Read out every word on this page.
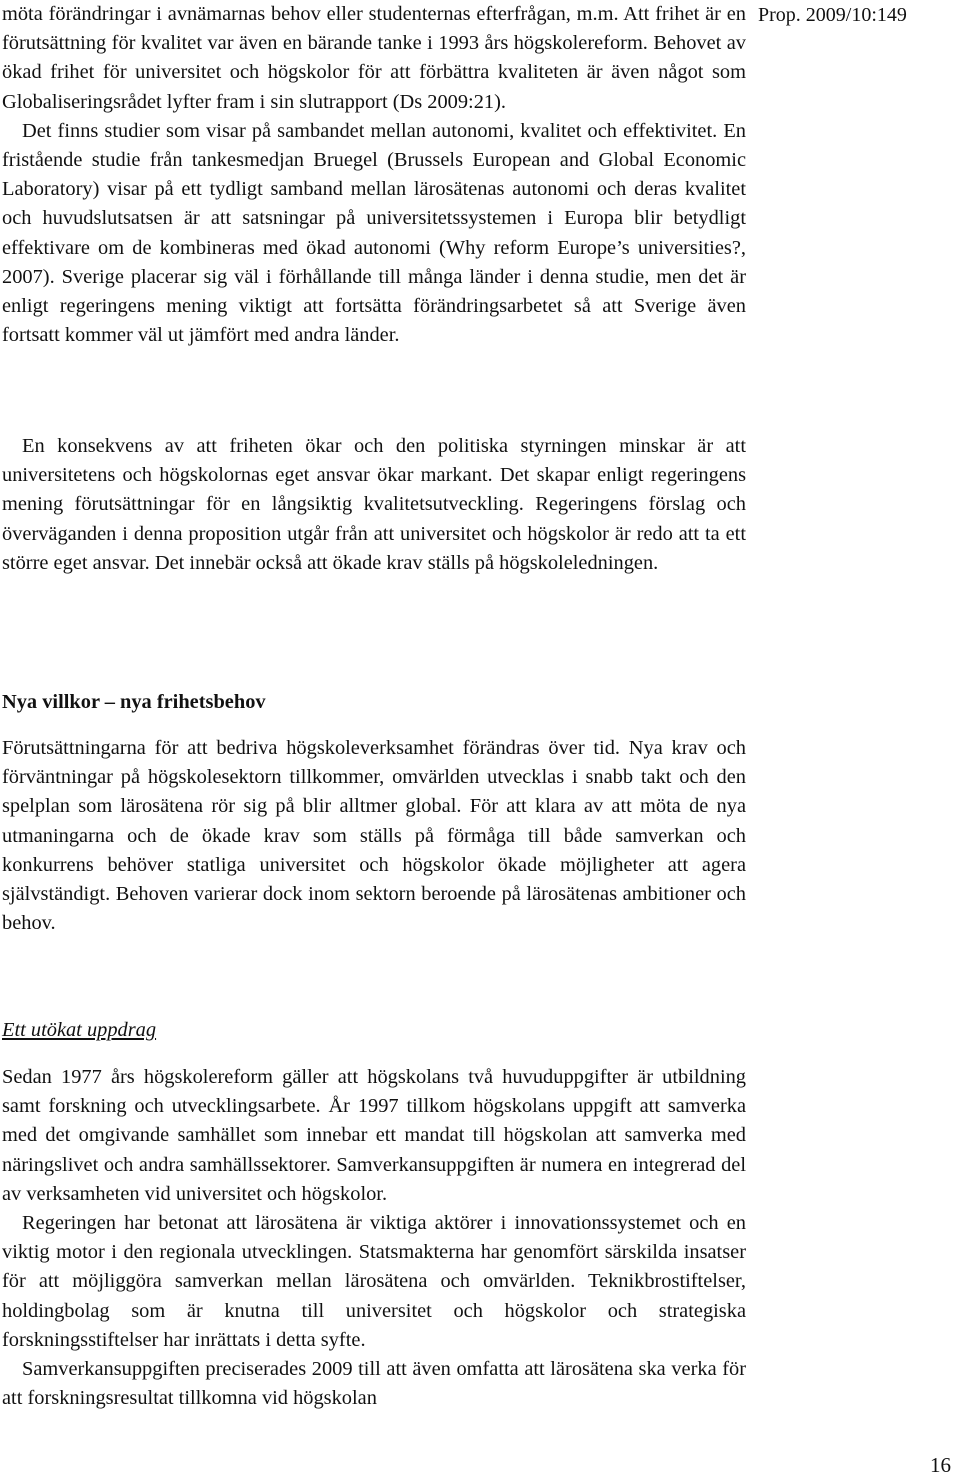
Prop. 2009/10:149

möta förändringar i avnämarnas behov eller studenternas efterfrågan, m.m. Att frihet är en förutsättning för kvalitet var även en bärande tanke i 1993 års högskolereform. Behovet av ökad frihet för universitet och högskolor för att förbättra kvaliteten är även något som Globaliseringsrådet lyfter fram i sin slutrapport (Ds 2009:21).

Det finns studier som visar på sambandet mellan autonomi, kvalitet och effektivitet. En fristående studie från tankesmedjan Bruegel (Brussels European and Global Economic Laboratory) visar på ett tydligt samband mellan lärosätenas autonomi och deras kvalitet och huvudslutsatsen är att satsningar på universitetssystemen i Europa blir betydligt effektivare om de kombineras med ökad autonomi (Why reform Europe’s universities?, 2007). Sverige placerar sig väl i förhållande till många länder i denna studie, men det är enligt regeringens mening viktigt att fortsätta förändringsarbetet så att Sverige även fortsatt kommer väl ut jämfört med andra länder.

En konsekvens av att friheten ökar och den politiska styrningen minskar är att universitetens och högskolornas eget ansvar ökar markant. Det skapar enligt regeringens mening förutsättningar för en långsiktig kvalitetsutveckling. Regeringens förslag och överväganden i denna proposition utgår från att universitet och högskolor är redo att ta ett större eget ansvar. Det innebär också att ökade krav ställs på högskoleledningen.

Nya villkor – nya frihetsbehov

Förutsättningarna för att bedriva högskoleverksamhet förändras över tid. Nya krav och förväntningar på högskolesektorn tillkommer, omvärlden utvecklas i snabb takt och den spelplan som lärosätena rör sig på blir alltmer global. För att klara av att möta de nya utmaningarna och de ökade krav som ställs på förmåga till både samverkan och konkurrens behöver statliga universitet och högskolor ökade möjligheter att agera självständigt. Behoven varierar dock inom sektorn beroende på lärosätenas ambitioner och behov.

Ett utökat uppdrag

Sedan 1977 års högskolereform gäller att högskolans två huvuduppgifter är utbildning samt forskning och utvecklingsarbete. År 1997 tillkom högskolans uppgift att samverka med det omgivande samhället som innebar ett mandat till högskolan att samverka med näringslivet och andra samhällssektorer. Samverkansuppgiften är numera en integrerad del av verksamheten vid universitet och högskolor.

Regeringen har betonat att lärosätena är viktiga aktörer i innovationssystemet och en viktig motor i den regionala utvecklingen. Statsmakterna har genomfört särskilda insatser för att möjliggöra samverkan mellan lärosätena och omvärlden. Teknikbrostiftelser, holdingbolag som är knutna till universitet och högskolor och strategiska forskningsstiftelser har inrättats i detta syfte.

Samverkansuppgiften preciserades 2009 till att även omfatta att lärosätena ska verka för att forskningsresultat tillkomna vid högskolan

16
